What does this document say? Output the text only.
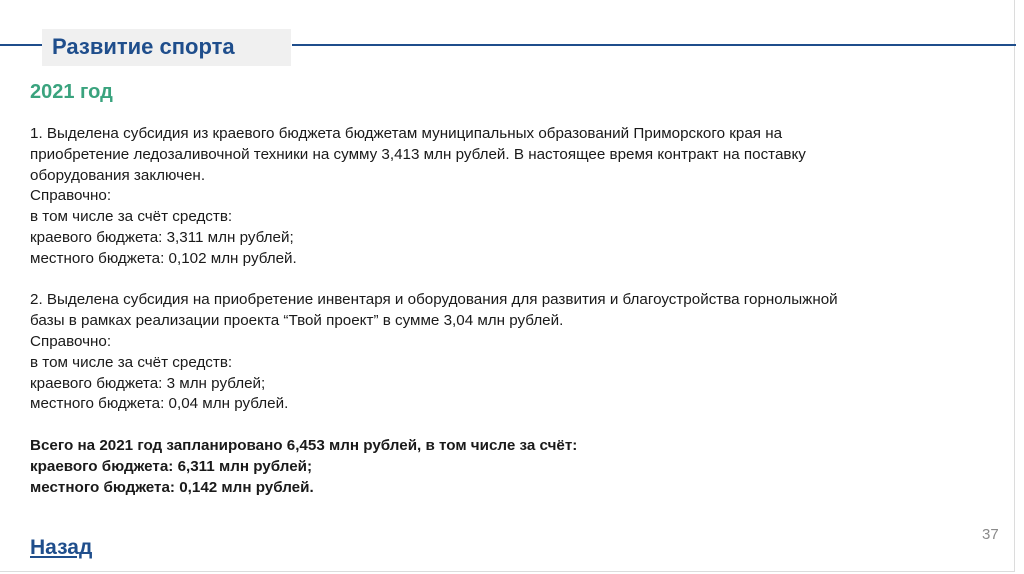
Развитие спорта
2021 год
1. Выделена субсидия из краевого бюджета бюджетам муниципальных образований Приморского края на
приобретение ледозаливочной техники на сумму 3,413 млн рублей. В настоящее время контракт на поставку
оборудования заключен.
Справочно:
в том числе за счёт средств:
краевого бюджета: 3,311 млн рублей;
местного бюджета: 0,102 млн рублей.
2. Выделена субсидия на приобретение инвентаря и оборудования для развития и благоустройства горнолыжной
базы в рамках реализации проекта “Твой проект” в сумме 3,04 млн рублей.
Справочно:
в том числе за счёт средств:
краевого бюджета: 3 млн рублей;
местного бюджета: 0,04 млн рублей.
Всего на 2021 год запланировано 6,453 млн рублей, в том числе за счёт:
краевого бюджета: 6,311 млн рублей;
местного бюджета: 0,142 млн рублей.
Назад
37
